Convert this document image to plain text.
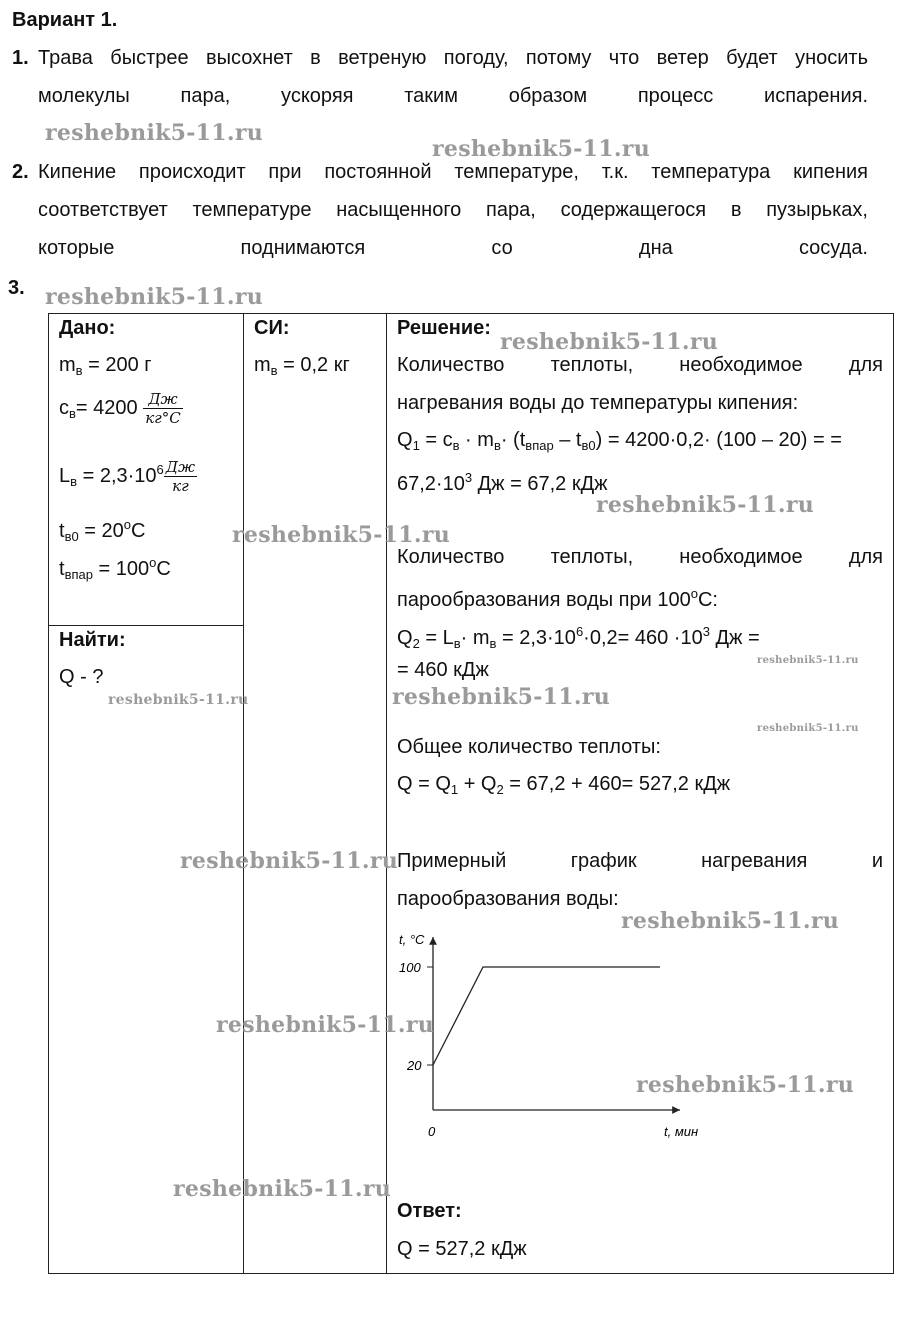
Вариант 1.
1. Трава быстрее высохнет в ветреную погоду, потому что ветер будет уносить
молекулы пара, ускоряя таким образом процесс испарения.
2. Кипение происходит при постоянной температуре, т.к. температура кипения
соответствует температуре насыщенного пара, содержащегося в пузырьках,
которые поднимаются со дна сосуда.
3.
Дано:
$m_в = 200$ г
$c_в= 4200 \frac{Дж}{кг^\circ C}$
$L_в = 2,3\cdot 10^6 \frac{Дж}{кг}$
$t_{в0} = 20^oC$
$t_{впар} = 100^oC$
Найти:
Q - ?
СИ:
$m_в = 0,2$ кг
Решение:
Количество теплоты, необходимое для
нагревания воды до температуры кипения:
$Q_1 = c_в \cdot m_в\cdot (t_{впар} - t_{в0}) = 4200\cdot 0,2\cdot (100 - 20)$ = =
$67,2\cdot 10^3$ Дж = 67,2 кДж
Количество теплоты, необходимое для
парообразования воды при 100$^o$C:
$Q_2 = L_в\cdot m_в = 2,3\cdot 10^6\cdot 0,2= 460 \cdot 10^3$ Дж =
= 460 кДж
Общее количество теплоты:
$Q = Q_1 + Q_2 = 67,2 + 460= 527,2$ кДж
Примерный график нагревания и
парообразования воды:
t, °C
100
20
0	t, мин
Ответ:
Q = 527,2 кДж
reshebnik5-11.ru
reshebnik5-11.ru
reshebnik5-11.ru
reshebnik5-11.ru
reshebnik5-11.ru
reshebnik5-11.ru
reshebnik5-11.ru
reshebnik5-11.ru	reshebnik5-11.ru
reshebnik5-11.ru
reshebnik5-11.ru
reshebnik5-11.ru
reshebnik5-11.ru
reshebnik5-11.ru
reshebnik5-11.ru
